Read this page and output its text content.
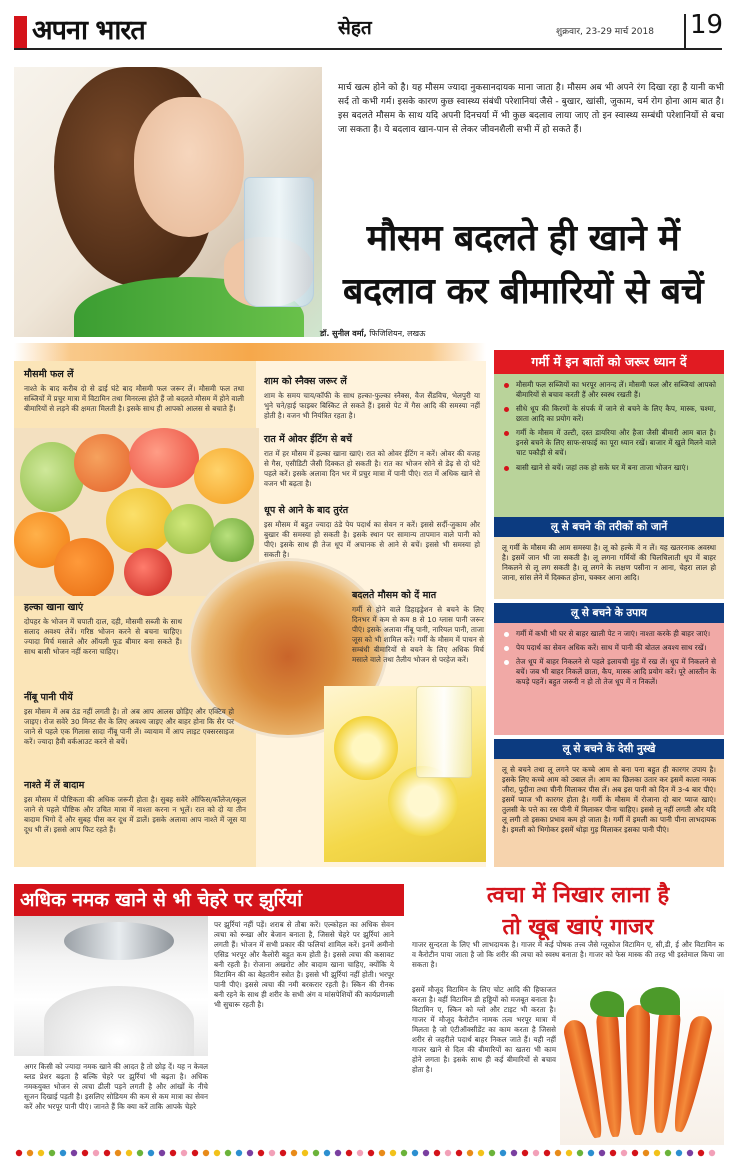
अपना भारत	सेहत	शुक्रवार, 23-29 मार्च 2018 19
मार्च खत्म होने को है। यह मौसम ज्यादा नुकसानदायक माना जाता है। मौसम अब भी अपने रंग दिखा रहा है यानी कभी सर्द तो कभी गर्म। इसके कारण कुछ स्वास्थ्य संबंधी परेशानियां जैसे - बुखार, खांसी, जुकाम, चर्म रोग होना आम बात है। इस बदलते मौसम के साथ यदि अपनी दिनचर्या में भी कुछ बदलाव लाया जाए तो इन स्वास्थ्य सम्बंधी परेशानियों से बचा जा सकता है। ये बदलाव खान-पान से लेकर जीवनशैली सभी में हो सकते हैं।
मौसम बदलते ही खाने में
बदलाव कर बीमारियों से बचें
डॉ. सुनील वर्मा, फिजिशियन, लखऊ
मौसमी फल लें
नाश्ते के बाद करीब दो से ढाई घंटे बाद मौसमी फल जरूर लें। मौसमी फल तथा सब्जियों में प्रचुर मात्रा में विटामिन तथा मिनरल्स होते हैं जो बदलते मौसम में होने वाली बीमारियों से लड़ने की क्षमता मिलती है। इसके साथ ही आपको आलस से बचाते हैं।
हल्का खाना खाएं
दोपहर के भोजन में चपाती दाल, दही, मौसमी सब्जी के साथ सलाद अवश्य लेवें। गरिष्ठ भोजन करने से बचना चाहिए। ज्यादा मिर्च मसाले और ऑयली फूड बीमार बना सकते हैं। साथ बासी भोजन नहीं करना चाहिए।
नींबू पानी पीयें
इस मौसम में अब ठंड नहीं लगती है। तो अब आप आलस छोड़िए और एक्टिव हो जाइए। रोज सवेरे 30 मिनट सैर के लिए अवश्य जाइए और बाहर होना कि सैर पर जाने से पहले एक गिलास सादा नींबू पानी लें। व्यायाम में आप लाइट एक्सरसाइज करें। ज्यादा हैवी वर्कआउट करने से बचें।
नाश्ते में लें बादाम
इस मौसम में पौष्टिकता की अधिक जरूरी होता है। सुबह सवेरे ऑफिस/कॉलेज/स्कूल जाने से पहले पौष्टिक और उचित मात्रा में नाश्ता करना न भूलें। रात को दो या तीन बादाम भिगो दें और सुबह पीस कर दूध में डालें। इसके अलावा आप नाश्ते में जूस या दूध भी लें। इससे आप फिट रहते हैं।
शाम को स्नैक्स जरूर लें
शाम के समय चाय/कॉफी के साथ हल्का-फुल्का स्नैक्स, वैज सैंडविच, भेलपुरी या भुने चने/हाई फाइबर बिस्किट ले सकते हैं। इससे पेट में गैस आदि की समस्या नहीं होती है। वजन भी नियंत्रित रहता है।
रात में ओवर ईटिंग से बचें
रात में हर मौसम में हल्का खाना खाएं। रात को ओवर ईटिंग न करें। ओवर की वजह से गैस, एसीडिटी जैसी दिक्कत हो सकती है। रात का भोजन सोने से डेढ़ से दो घंटे पहले करें। इसके अलावा दिन भर में प्रचुर मात्रा में पानी पीएं। रात में अधिक खाने से वजन भी बढ़ता है।
धूप से आने के बाद तुरंत
इस मौसम में बहुत ज्यादा ठंडे पेय पदार्थ का सेवन न करें। इससे सर्दी-जुकाम और बुखार की समस्या हो सकती है। इसके स्थान पर सामान्य तापमान वाले पानी को पीएं। इसके साथ ही तेज धूप में अचानक से आने से बचें। इससे भी समस्या हो सकती है।
बदलते मौसम को दें मात
गर्मी से होने वाले डिहाइड्रेशन से बचने के लिए दिनभर में कम से कम 8 से 10 ग्लास पानी जरूर पीएं। इसके अलावा नींबू पानी, नारियल पानी, ताजा जूस को भी शामिल करें। गर्मी के मौसम में पाचन से सम्बंधी बीमारियों से बचने के लिए अधिक मिर्च मसाले वाले तथा तैलीय भोजन से परहेज करें।
गर्मी में इन बातों को जरूर ध्यान दें
मौसमी फल सब्जियों का भरपूर आनन्द लें। मौसमी फल और सब्जियां आपको बीमारियों से बचाव करती हैं और स्वस्थ रखती हैं।
सीधे धूप की किरणों के संपर्क में जाने से बचने के लिए कैप, मास्क, चश्मा, छाता आदि का प्रयोग करें।
गर्मी के मौसम में उल्टी, दस्त डायरिया और हैजा जैसी बीमारी आम बात है। इनसे बचने के लिए साफ-सफाई का पूरा ध्यान रखें। बाजार में खुले मिलने वाले चाट पकौड़ी से बचें।
बासी खाने से बचें। जहां तक हो सके घर में बना ताजा भोजन खाएं।
लू से बचने की तरीकों को जानें
लू गर्मी के मौसम की आम समस्या है। लू को हल्के में न लें। यह खतरनाक अवस्था है। इसमें जान भी जा सकती है। लू लगना गर्मियों की चिलचिलाती धूप में बाहर निकलने से लू लग सकती है। लू लगने के लक्षण पसीना न आना, चेहरा लाल हो जाना, सांस लेने में दिक्कत होना, चक्कर आना आदि।
लू से बचने के उपाय
गर्मी में कभी भी घर से बाहर खाली पेट न जाएं। नाश्ता करके ही बाहर जाएं।
पेय पदार्थ का सेवन अधिक करें। साथ में पानी की बोतल अवश्य साथ रखें।
तेज धूप में बाहर निकलने से पहले इलायची मुंह में रख लें। धूप में निकलने से बचें। जब भी बाहर निकलें छाता, कैप, मास्क आदि प्रयोग करें। पूरे आस्तीन के कपड़े पहनें। बहुत जरूरी न हो तो तेज धूप में न निकलें।
लू से बचने के देसी नुस्खे
लू से बचने तथा लू लगने पर कच्चे आम से बना पना बहुत ही कारगर उपाय है। इसके लिए कच्चे आम को उबाल लें। आम का छिलका उतार कर इसमें काला नमक जीरा, पुदीना तथा चीनी मिलाकर पीस लें। अब इस पानी को दिन में 3-4 बार पीएं। इसमें प्याज भी कारगर होता है। गर्मी के मौसम में रोजाना दो बार प्याज खाएं। तुलसी के पत्ते का रस पीनी में मिलाकर पीना चाहिए। इससे लू नहीं लगती और यदि लू लगी तो इसका प्रभाव कम हो जाता है। गर्मी में इमली का पानी पीना लाभदायक है। इमली को भिगोकर इसमें थोड़ा गुड़ मिलाकर इसका पानी पीएं।
अधिक नमक खाने से भी चेहरे पर झुर्रियां
पर झुर्रियां नहीं पड़ें। शराब से तौबा करें। एल्कोहल का अधिक सेवन त्वचा को रूखा और बेजान बनाता है, जिससे चेहरे पर झुर्रियां आने लगती हैं। भोजन में सभी प्रकार की फलियां शामिल करें। इनमें अमीनो एसिड भरपूर और कैलोरी बहुत कम होती है। इससे त्वचा की कसावट बनी रहती है। रोजाना अखरोट और बादाम खाना चाहिए, क्योंकि ये विटामिन की का बेहतरीन स्त्रोत है। इससे भी झुर्रियां नहीं होती। भरपूर पानी पीएं। इससे त्वचा की नमी बरकरार रहती है। स्किन की रौनक बनी रहने के साथ ही शरीर के सभी अंग व मांसपेशियों की कार्यप्रणाली भी सुचारू रहती है।
अगर किसी को ज्यादा नमक खाने की आदत है तो छोड़ दें। यह न केवल ब्लड प्रेशर बढ़ता है बल्कि चेहरे पर झुर्रियां भी बढ़ता है। अधिक नमकयुक्त भोजन से त्वचा ढीली पड़ने लगती है और आंखों के नीचे सूजन दिखाई पड़ती है। इसलिए सोडियम की कम से कम मात्रा का सेवन करें और भरपूर पानी पीएं। जानते हैं कि क्या करें ताकि आपके चेहरे
त्वचा में निखार लाना है
तो खूब खाएं गाजर
गाजर सुन्दरता के लिए भी लाभदायक है। गाजर में कई पोषक तत्त्व जैसे ग्लूकोज विटामिन ए, सी,डी, ई और विटामिन क व कैरोटीन पाया जाता है जो कि शरीर की त्वचा को स्वस्थ बनाता है। गाजर को फेस मास्क की तरह भी इस्तेमाल किया जा सकता है।
इसमें मौजूद विटामिन के लिए चोट आदि की हिफाजत करता है। वहीं विटामिन डी हड्डियों को मजबूत बनाता है। विटामिन ए, स्किन को ग्लो और टाइट भी करता है। गाजर में मौजूद कैरोटीन नामक तत्व भरपूर मात्रा में मिलता है जो एंटीऑक्सीडेंट का काम करता है जिससे शरीर से जहरीले पदार्थ बाहर निकल जाते हैं। यही नहीं गाजर खाने से दिल की बीमारियों का खतरा भी काम होने लगता है। इसके साथ ही कई बीमारियों से बचाव होता है।
